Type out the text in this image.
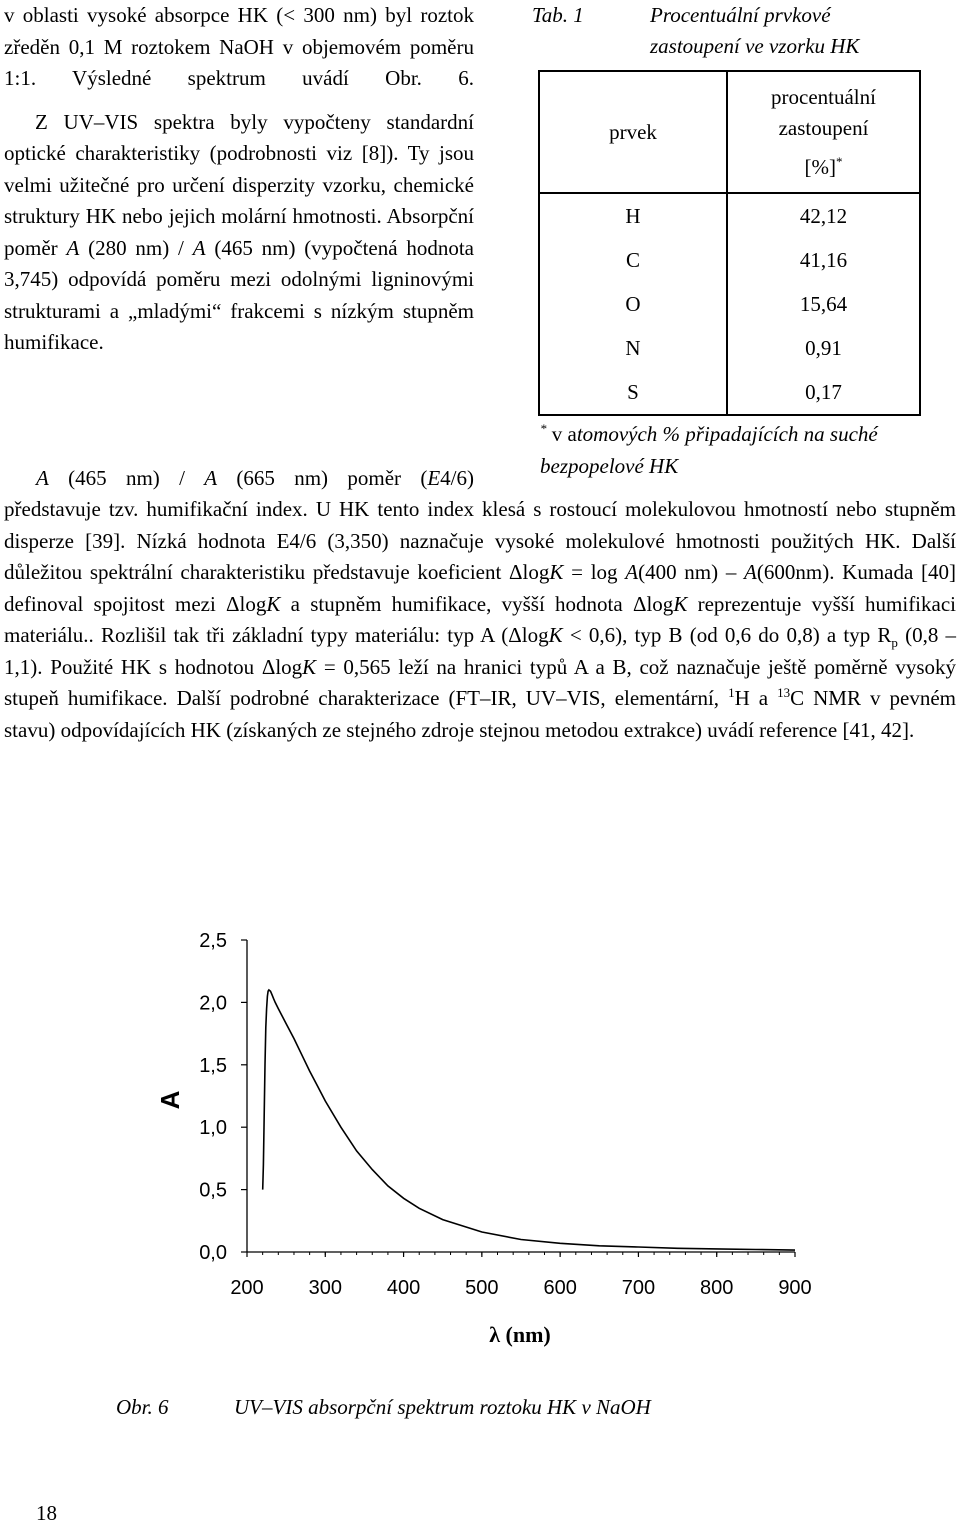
v oblasti vysoké absorpce HK (< 300 nm) byl roztok zředěn 0,1 M roztokem NaOH v objemovém poměru 1:1. Výsledné spektrum uvádí Obr. 6.

Z UV–VIS spektra byly vypočteny standardní optické charakteristiky (podrobnosti viz [8]). Ty jsou velmi užitečné pro určení disperzity vzorku, chemické struktury HK nebo jejich molární hmotnosti. Absorpční poměr A (280 nm) / A (465 nm) (vypočtená hodnota 3,745) odpovídá poměru mezi odolnými ligninovými strukturami a „mladými“ frakcemi s nízkým stupněm humifikace.

A (465 nm) / A (665 nm) poměr (E4/6)
Tab. 1	Procentuální prvkové
zastoupení ve vzorku HK
prvek	procentuální
zastoupení
[%]*

H	42,12
C	41,16
O	15,64
N	0,91
S	0,17
* v atomových % připadajících na suché
bezpopelové HK
představuje tzv. humifikační index. U HK tento index klesá s rostoucí molekulovou hmotností nebo stupněm disperze [39]. Nízká hodnota E4/6 (3,350) naznačuje vysoké molekulové hmotnosti použitých HK. Další důležitou spektrální charakteristiku představuje koeficient ΔlogK = log A(400 nm) – A(600nm). Kumada [40] definoval spojitost mezi ΔlogK a stupněm humifikace, vyšší hodnota ΔlogK reprezentuje vyšší humifikaci materiálu.. Rozlišil tak tři základní typy materiálu: typ A (ΔlogK < 0,6), typ B (od 0,6 do 0,8) a typ $R_p$ (0,8 – 1,1). Použité HK s hodnotou ΔlogK = 0,565 leží na hranici typů A a B, což naznačuje ještě poměrně vysoký stupeň humifikace. Další podrobné charakterizace (FT–IR, UV–VIS, elementární, $^1$H a $^{13}$C NMR v pevném stavu) odpovídajících HK (získaných ze stejného zdroje stejnou metodou extrakce) uvádí reference [41, 42].
0,0
0,5
1,0
1,5
2,0
2,5
200 300 400 500 600 700 800 900
A
λ (nm)
Obr. 6	UV–VIS absorpční spektrum roztoku HK v NaOH
18
